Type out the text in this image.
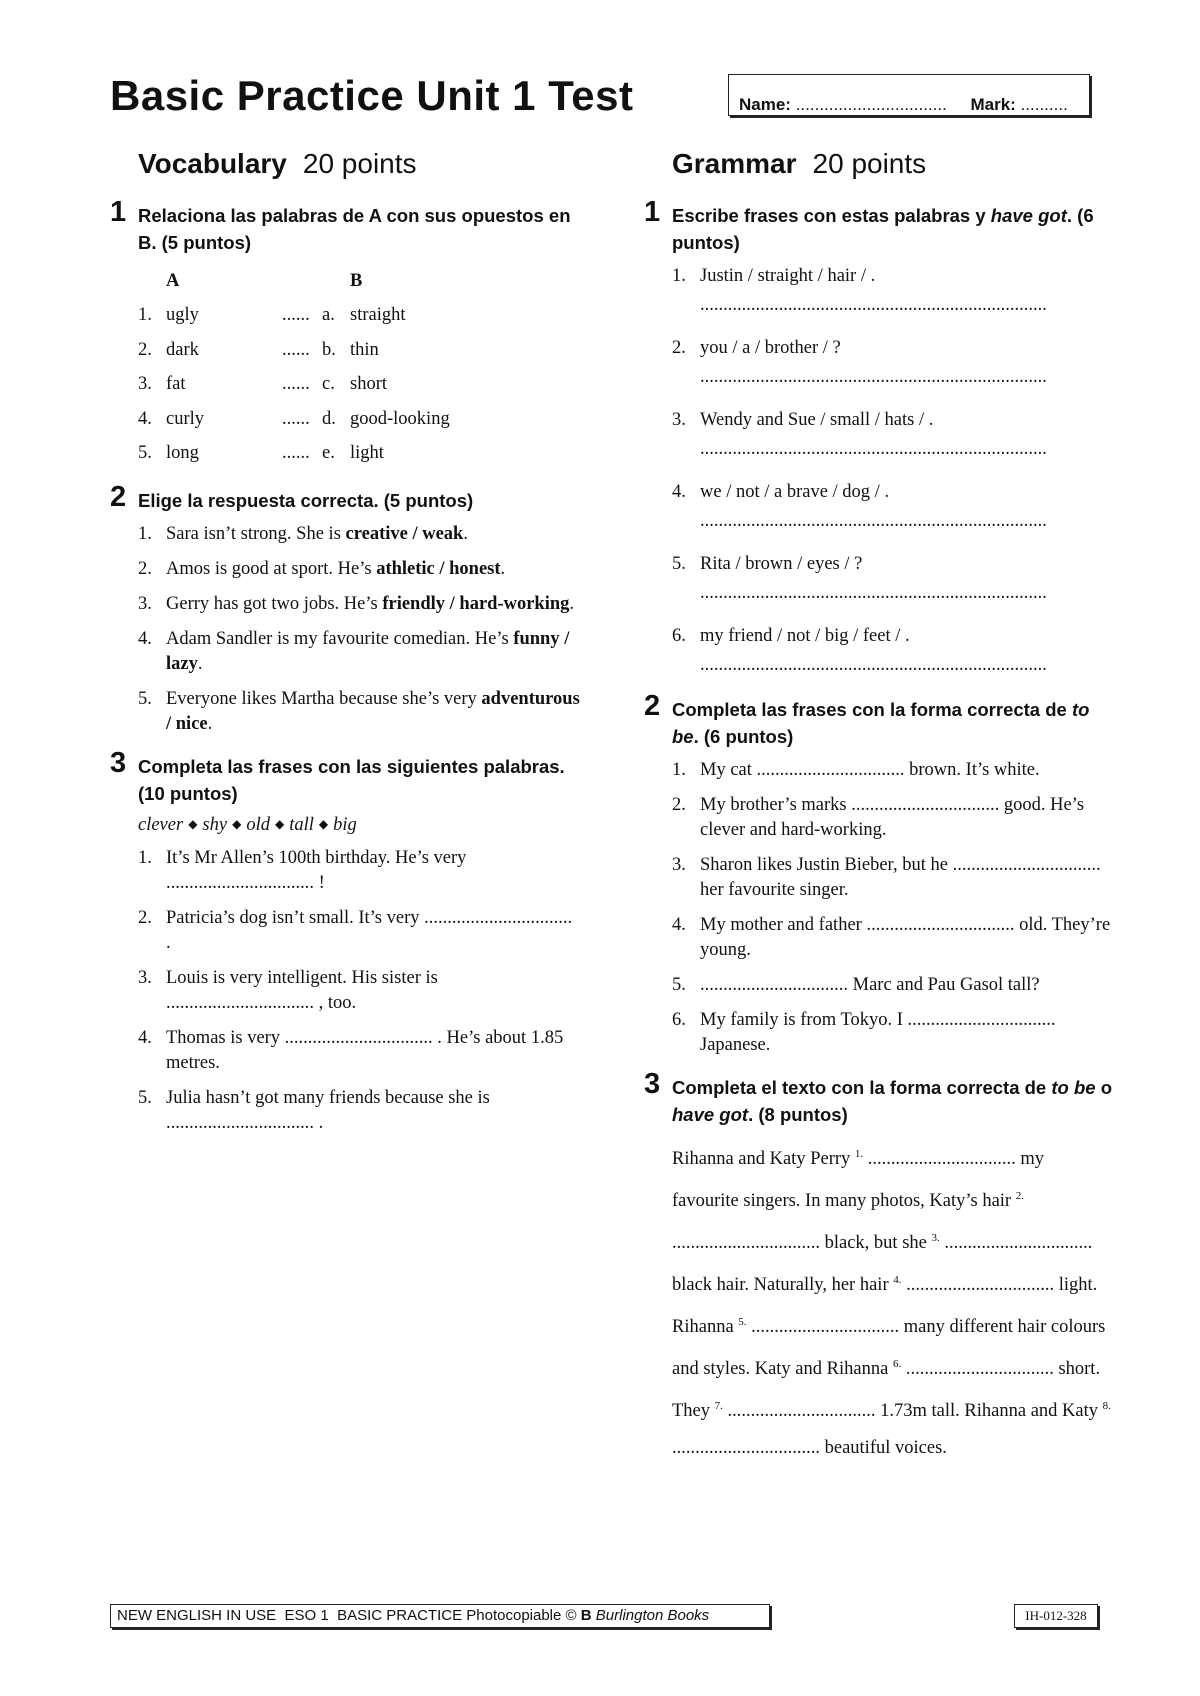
Basic Practice Unit 1 Test	Name: ................................ Mark: ..........
Vocabulary 20 points
1 Relaciona las palabras de A con sus opuestos en B. (5 puntos)
A	B
1. ugly	...... a. straight
2. dark	...... b. thin
3. fat	...... c. short
4. curly	...... d. good-looking
5. long	...... e. light
2 Elige la respuesta correcta. (5 puntos)
1. Sara isn’t strong. She is creative / weak.
2. Amos is good at sport. He’s athletic / honest.
3. Gerry has got two jobs. He’s friendly / hard-working.
4. Adam Sandler is my favourite comedian. He’s funny / lazy.
5. Everyone likes Martha because she’s very adventurous / nice.
3 Completa las frases con las siguientes palabras. (10 puntos)
clever ◆ shy ◆ old ◆ tall ◆ big
1. It’s Mr Allen’s 100th birthday. He’s very ................................ !
2. Patricia’s dog isn’t small. It’s very ................................ .
3. Louis is very intelligent. His sister is ................................ , too.
4. Thomas is very ................................ . He’s about 1.85 metres.
5. Julia hasn’t got many friends because she is ................................ .
Grammar 20 points
1 Escribe frases con estas palabras y have got. (6 puntos)
1. Justin / straight / hair / .
...........................................................................
2. you / a / brother / ?
...........................................................................
3. Wendy and Sue / small / hats / .
...........................................................................
4. we / not / a brave / dog / .
...........................................................................
5. Rita / brown / eyes / ?
...........................................................................
6. my friend / not / big / feet / .
...........................................................................
2 Completa las frases con la forma correcta de to be. (6 puntos)
1. My cat ................................ brown. It’s white.
2. My brother’s marks ................................ good. He’s clever and hard-working.
3. Sharon likes Justin Bieber, but he ................................ her favourite singer.
4. My mother and father ................................ old. They’re young.
5. ................................ Marc and Pau Gasol tall?
6. My family is from Tokyo. I ................................ Japanese.
3 Completa el texto con la forma correcta de to be o have got. (8 puntos)
Rihanna and Katy Perry $^{1.}$ ................................ my favourite singers. In many photos, Katy’s hair $^{2.}$ ................................ black, but she $^{3.}$ ................................ black hair. Naturally, her hair $^{4.}$ ................................ light. Rihanna $^{5.}$ ................................ many different hair colours and styles. Katy and Rihanna $^{6.}$ ................................ short. They $^{7.}$ ................................ 1.73m tall. Rihanna and Katy $^{8.}$ ................................ beautiful voices.
NEW ENGLISH IN USE ESO 1 BASIC PRACTICE Photocopiable © B Burlington Books	IH-012-328
